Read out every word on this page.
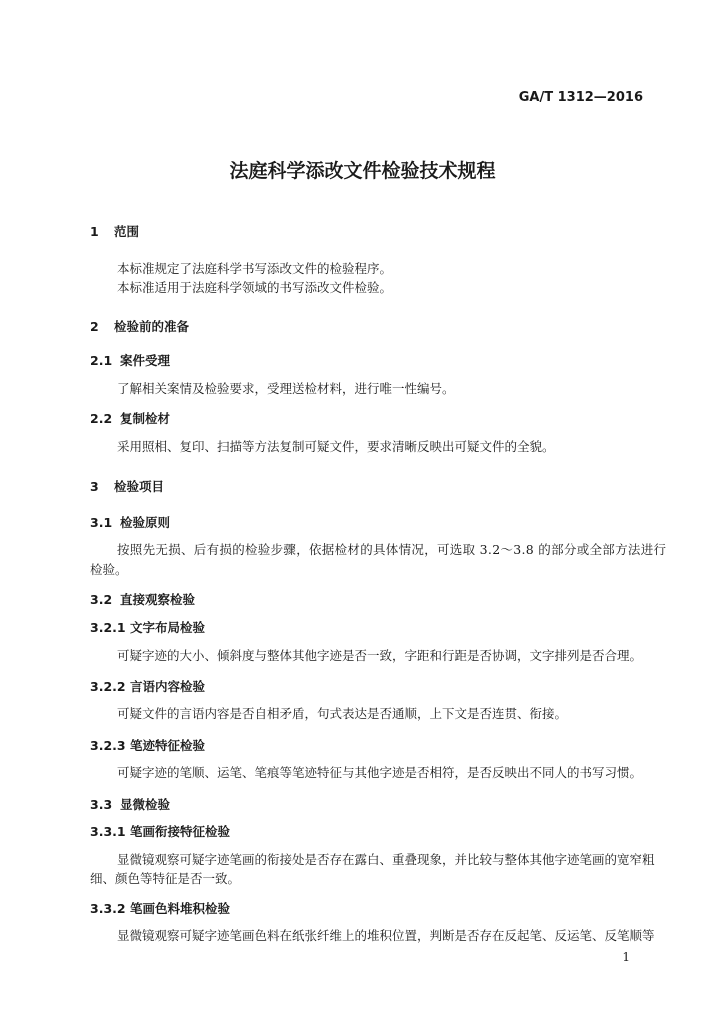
GA/T 1312—2016
法庭科学添改文件检验技术规程
1 范围
本标准规定了法庭科学书写添改文件的检验程序。
本标准适用于法庭科学领域的书写添改文件检验。
2 检验前的准备
2.1 案件受理
了解相关案情及检验要求，受理送检材料，进行唯一性编号。
2.2 复制检材
采用照相、复印、扫描等方法复制可疑文件，要求清晰反映出可疑文件的全貌。
3 检验项目
3.1 检验原则
按照先无损、后有损的检验步骤，依据检材的具体情况，可选取 3.2～3.8 的部分或全部方法进行
检验。
3.2 直接观察检验
3.2.1 文字布局检验
可疑字迹的大小、倾斜度与整体其他字迹是否一致，字距和行距是否协调，文字排列是否合理。
3.2.2 言语内容检验
可疑文件的言语内容是否自相矛盾，句式表达是否通顺，上下文是否连贯、衔接。
3.2.3 笔迹特征检验
可疑字迹的笔顺、运笔、笔痕等笔迹特征与其他字迹是否相符，是否反映出不同人的书写习惯。
3.3 显微检验
3.3.1 笔画衔接特征检验
显微镜观察可疑字迹笔画的衔接处是否存在露白、重叠现象，并比较与整体其他字迹笔画的宽窄粗
细、颜色等特征是否一致。
3.3.2 笔画色料堆积检验
显微镜观察可疑字迹笔画色料在纸张纤维上的堆积位置，判断是否存在反起笔、反运笔、反笔顺等
1
